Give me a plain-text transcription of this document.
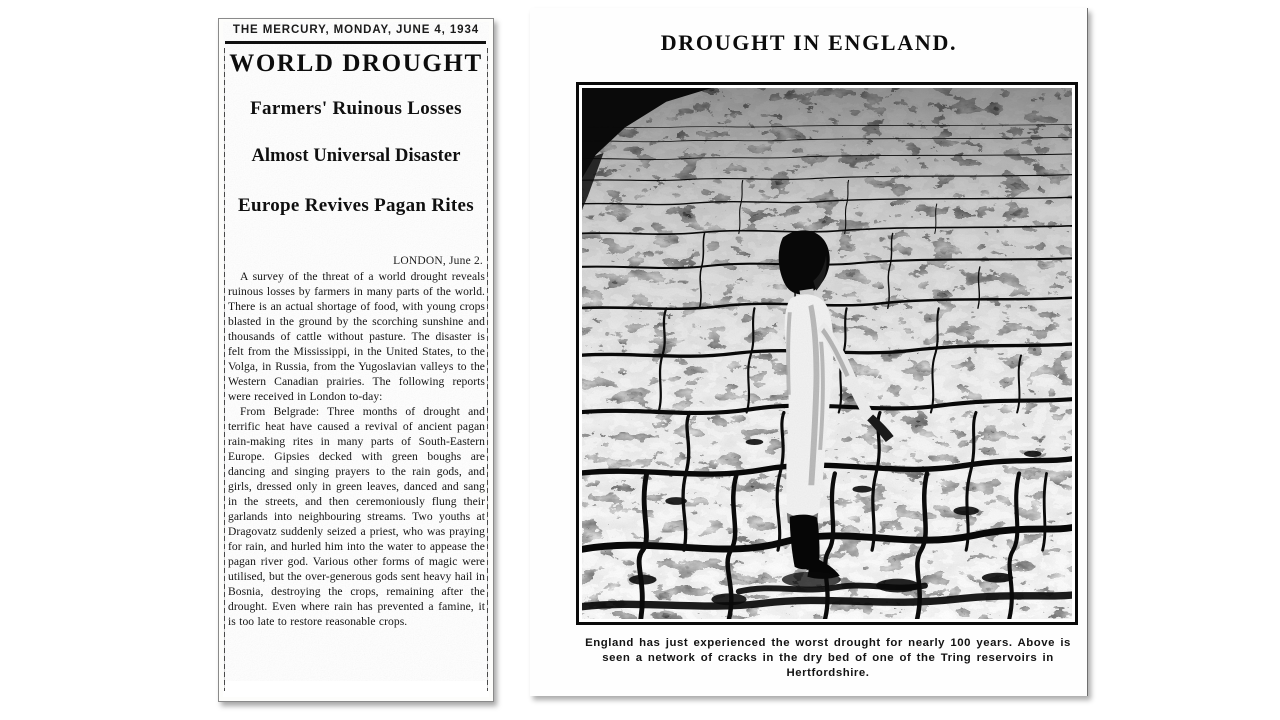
THE MERCURY, MONDAY, JUNE 4, 1934
WORLD DROUGHT
Farmers' Ruinous Losses
Almost Universal Disaster
Europe Revives Pagan Rites
LONDON, June 2.

A survey of the threat of a world drought reveals ruinous losses by farmers in many parts of the world. There is an actual shortage of food, with young crops blasted in the ground by the scorching sunshine and thousands of cattle without pasture. The disaster is felt from the Mississippi, in the United States, to the Volga, in Russia, from the Yugoslavian valleys to the Western Canadian prairies. The following reports were received in London to-day:

From Belgrade: Three months of drought and terrific heat have caused a revival of ancient pagan rain-making rites in many parts of South-Eastern Europe. Gipsies decked with green boughs are dancing and singing prayers to the rain gods, and girls, dressed only in green leaves, danced and sang in the streets, and then ceremoniously flung their garlands into neighbouring streams. Two youths at Dragovatz suddenly seized a priest, who was praying for rain, and hurled him into the water to appease the pagan river god. Various other forms of magic were utilised, but the over-generous gods sent heavy hail in Bosnia, destroying the crops, remaining after the drought. Even where rain has prevented a famine, it is too late to restore reasonable crops.

DROUGHT IN ENGLAND.
England has just experienced the worst drought for nearly 100 years. Above is seen a network of cracks in the dry bed of one of the Tring reservoirs in Hertfordshire.
